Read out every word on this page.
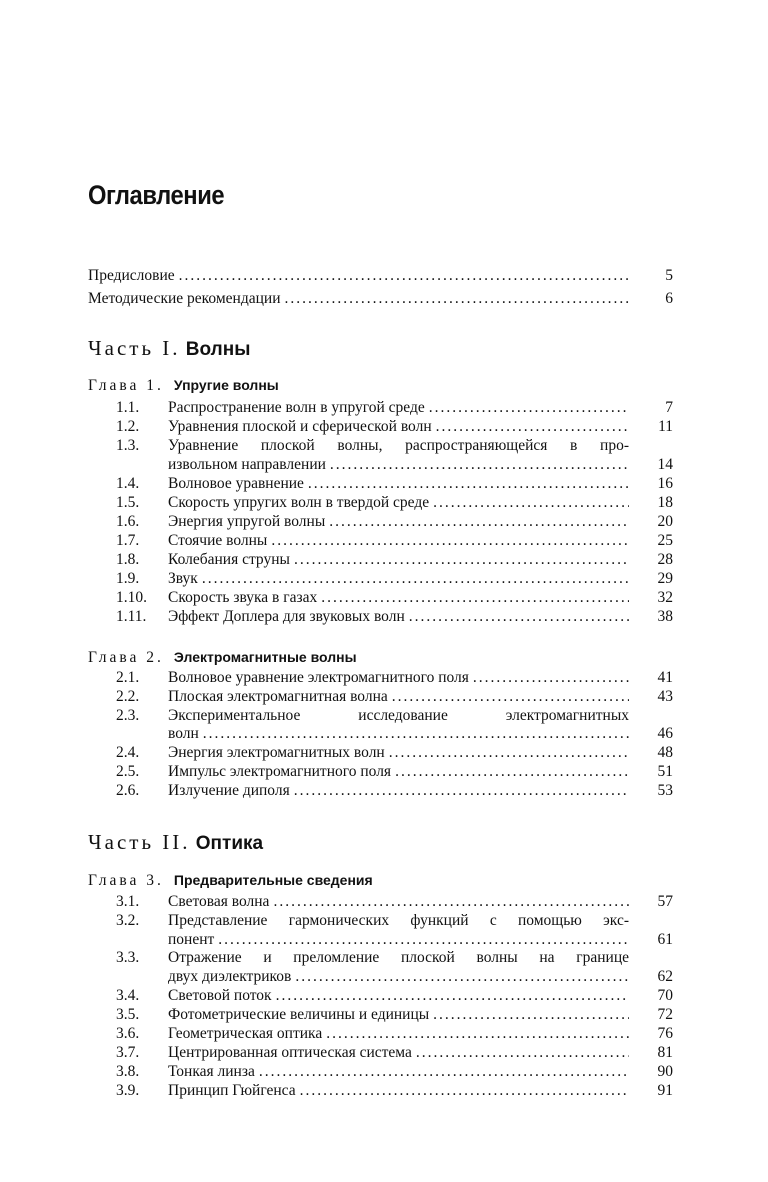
Оглавление
Предисловие .....	5
Методические рекомендации .....	6
Часть I. Волны
Глава 1. Упругие волны
1.1.	Распространение волн в упругой среде .....	7
1.2.	Уравнения плоской и сферической волн .....	11
1.3.	Уравнение плоской волны, распространяющейся в про-
извольном направлении .....	14
1.4.	Волновое уравнение .....	16
1.5.	Скорость упругих волн в твердой среде .....	18
1.6.	Энергия упругой волны .....	20
1.7.	Стоячие волны .....	25
1.8.	Колебания струны .....	28
1.9.	Звук .....	29
1.10.	Скорость звука в газах .....	32
1.11.	Эффект Доплера для звуковых волн .....	38
Глава 2. Электромагнитные волны
2.1.	Волновое уравнение электромагнитного поля .....	41
2.2.	Плоская электромагнитная волна .....	43
2.3.	Экспериментальное исследование электромагнитных
волн .....	46
2.4.	Энергия электромагнитных волн .....	48
2.5.	Импульс электромагнитного поля .....	51
2.6.	Излучение диполя .....	53
Часть II. Оптика
Глава 3. Предварительные сведения
3.1.	Световая волна .....	57
3.2.	Представление гармонических функций с помощью экс-
понент .....	61
3.3.	Отражение и преломление плоской волны на границе
двух диэлектриков .....	62
3.4.	Световой поток .....	70
3.5.	Фотометрические величины и единицы .....	72
3.6.	Геометрическая оптика .....	76
3.7.	Центрированная оптическая система .....	81
3.8.	Тонкая линза .....	90
3.9.	Принцип Гюйгенса .....	91
